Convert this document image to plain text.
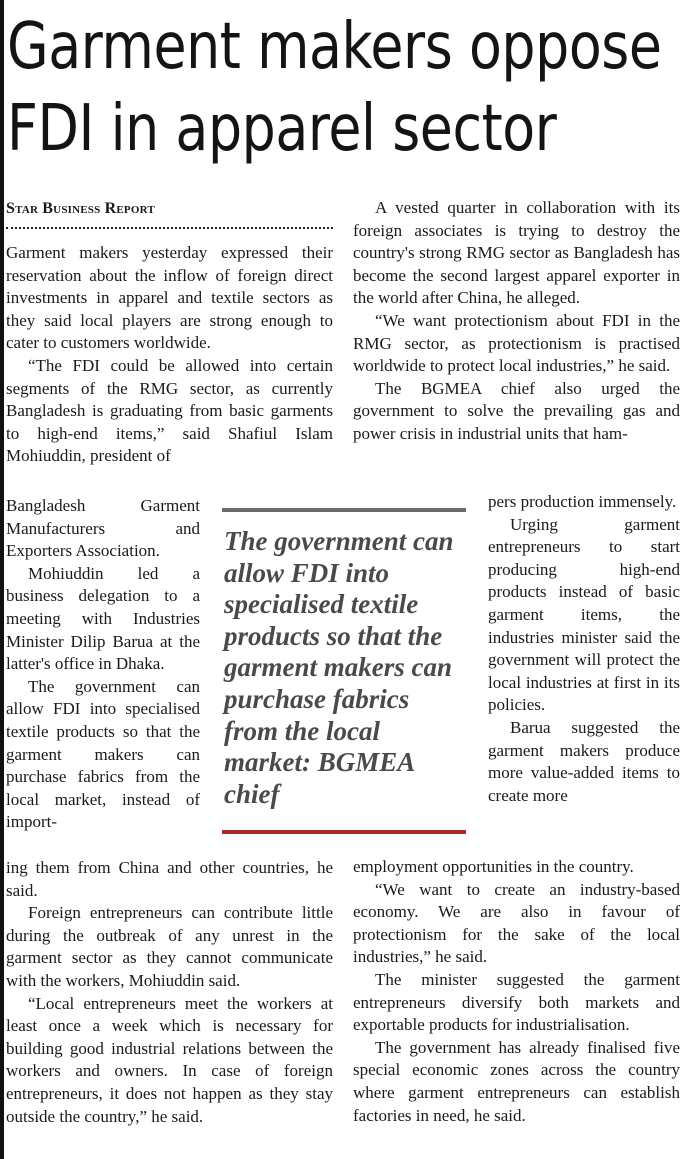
Garment makers oppose
FDI in apparel sector
Star Business Report

Garment makers yesterday expressed their reservation about the inflow of foreign direct investments in apparel and textile sectors as they said local players are strong enough to cater to customers worldwide.

“The FDI could be allowed into certain segments of the RMG sector, as currently Bangladesh is graduating from basic garments to high-end items,” said Shafiul Islam Mohiuddin, president of

Bangladesh Garment Manufacturers and Exporters Association.

Mohiuddin led a business delegation to a meeting with Industries Minister Dilip Barua at the latter's office in Dhaka.

The government can allow FDI into specialised textile products so that the garment makers can purchase fabrics from the local market, instead of import-

ing them from China and other countries, he said.

Foreign entrepreneurs can contribute little during the outbreak of any unrest in the garment sector as they cannot communicate with the workers, Mohiuddin said.

“Local entrepreneurs meet the workers at least once a week which is necessary for building good industrial relations between the workers and owners. In case of foreign entrepreneurs, it does not happen as they stay outside the country,” he said.

The government can allow FDI into specialised textile products so that the garment makers can purchase fabrics from the local market: BGMEA chief

A vested quarter in collaboration with its foreign associates is trying to destroy the country's strong RMG sector as Bangladesh has become the second largest apparel exporter in the world after China, he alleged.

“We want protectionism about FDI in the RMG sector, as protectionism is practised worldwide to protect local industries,” he said.

The BGMEA chief also urged the government to solve the prevailing gas and power crisis in industrial units that ham-

pers production immensely.

Urging garment entrepreneurs to start producing high-end products instead of basic garment items, the industries minister said the government will protect the local industries at first in its policies.

Barua suggested the garment makers produce more value-added items to create more

employment opportunities in the country.

“We want to create an industry-based economy. We are also in favour of protectionism for the sake of the local industries,” he said.

The minister suggested the garment entrepreneurs diversify both markets and exportable products for industrialisation.

The government has already finalised five special economic zones across the country where garment entrepreneurs can establish factories in need, he said.
